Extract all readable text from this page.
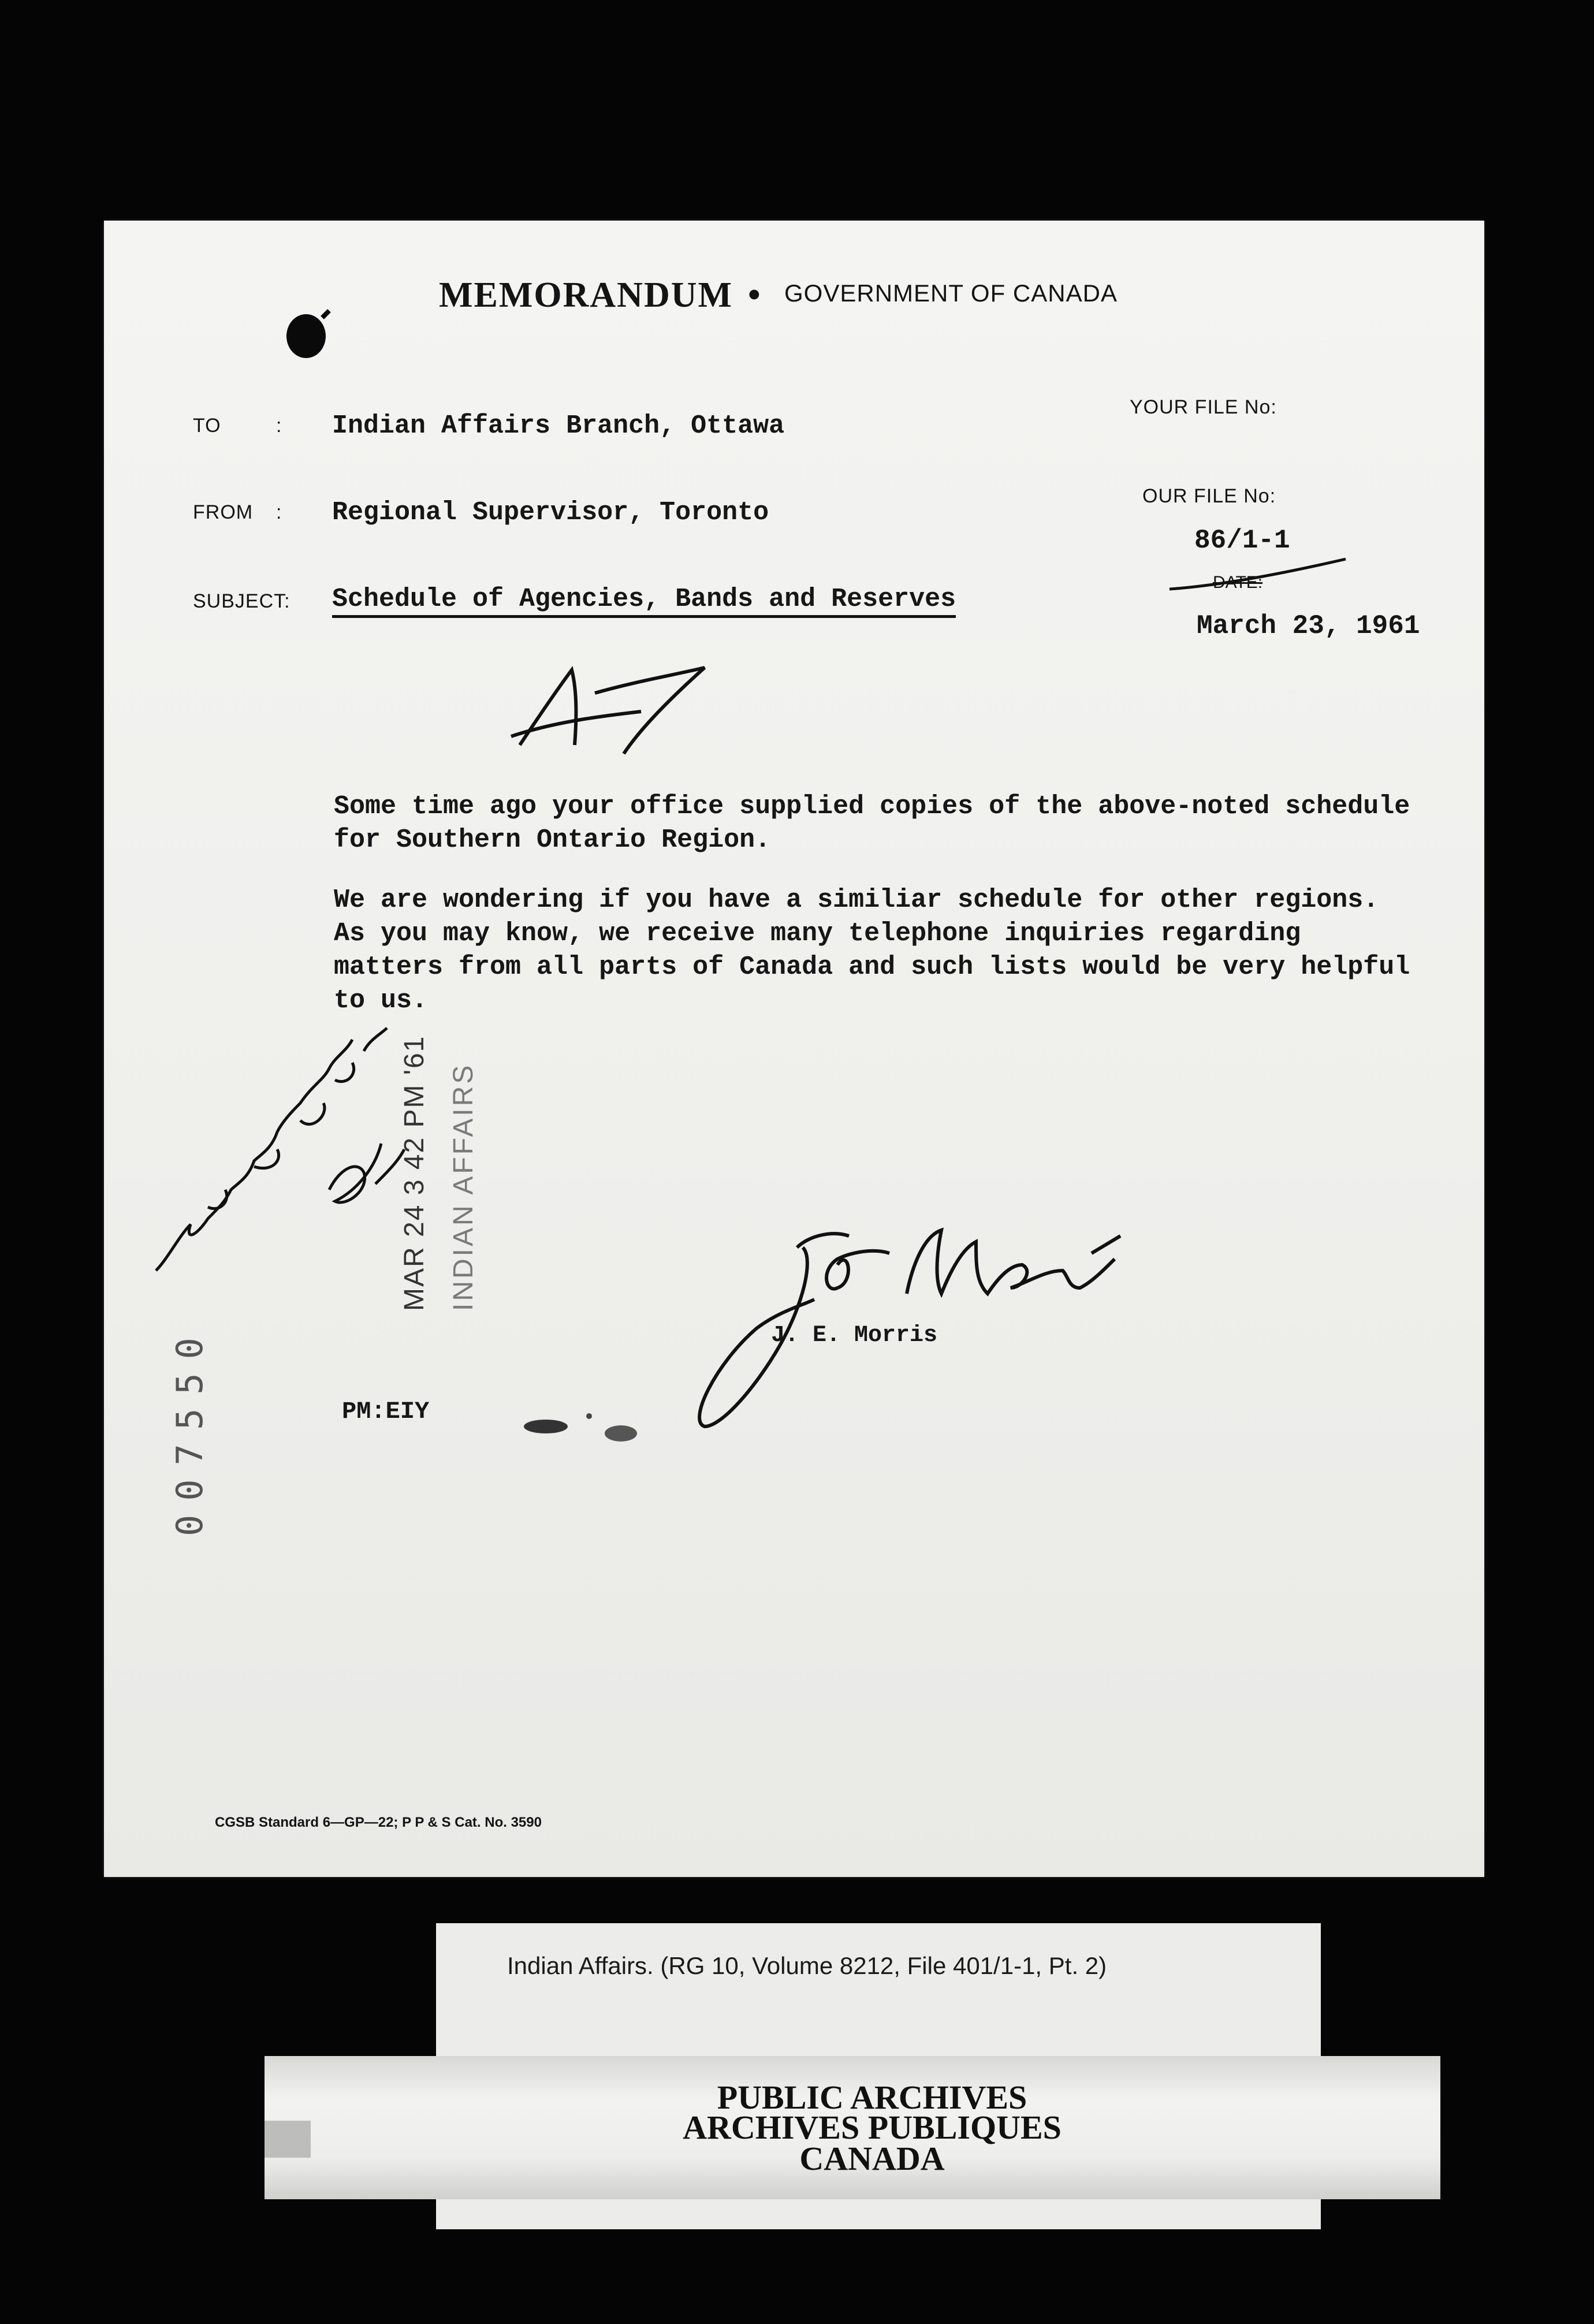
MEMORANDUM • GOVERNMENT OF CANADA
TO	: Indian Affairs Branch, Ottawa
FROM : Regional Supervisor, Toronto
SUBJECT: Schedule of Agencies, Bands and Reserves
YOUR FILE No:
OUR FILE No:
86/1-1
DATE:
March 23, 1961
Some time ago your office supplied copies of the above-noted schedule for Southern Ontario Region.
We are wondering if you have a similiar schedule for other regions. As you may know, we receive many telephone inquiries regarding matters from all parts of Canada and such lists would be very helpful to us.
J. E. Morris
PM:EIY
MAR 24 3 42 PM '61 INDIAN AFFAIRS
007550
CGSB Standard 6—GP—22; P P & S Cat. No. 3590
Indian Affairs. (RG 10, Volume 8212, File 401/1-1, Pt. 2)
PUBLIC ARCHIVES
ARCHIVES PUBLIQUES
CANADA
